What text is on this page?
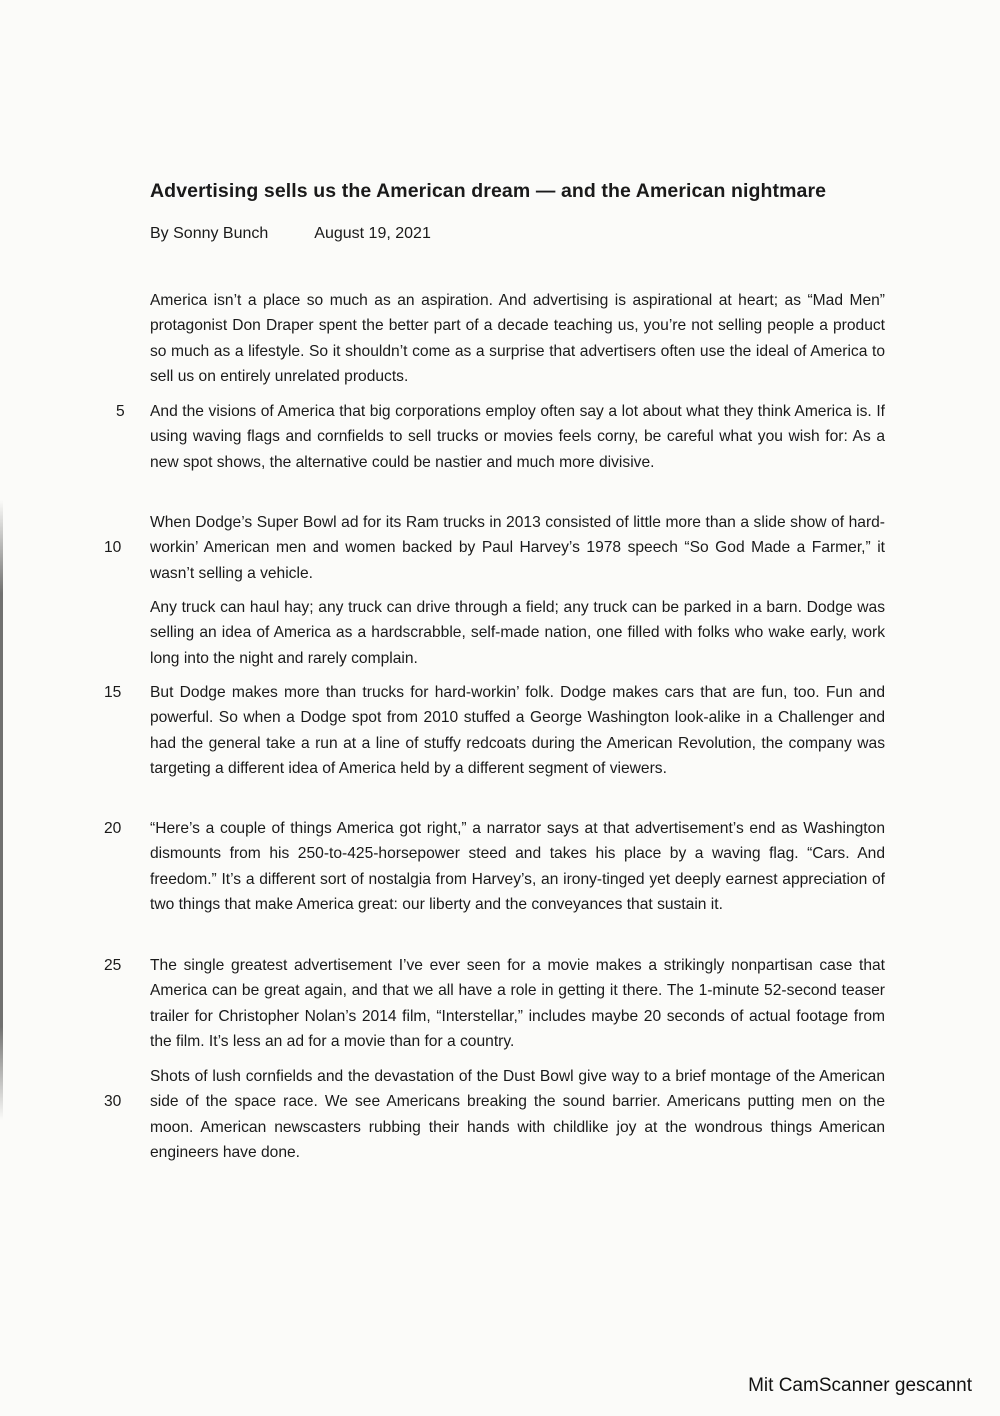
Advertising sells us the American dream — and the American nightmare
By Sonny Bunch	August 19, 2021

America isn’t a place so much as an aspiration. And advertising is aspirational at heart; as “Mad Men” protagonist Don Draper spent the better part of a decade teaching us, you’re not selling people a product so much as a lifestyle. So it shouldn’t come as a surprise that advertisers often use the ideal of America to sell us on entirely unrelated products.

And the visions of America that big corporations employ often say a lot about what they think America is. If using waving flags and cornfields to sell trucks or movies feels corny, be careful what you wish for: As a new spot shows, the alternative could be nastier and much more divisive.

When Dodge’s Super Bowl ad for its Ram trucks in 2013 consisted of little more than a slide show of hard-workin’ American men and women backed by Paul Harvey’s 1978 speech “So God Made a Farmer,” it wasn’t selling a vehicle.

Any truck can haul hay; any truck can drive through a field; any truck can be parked in a barn. Dodge was selling an idea of America as a hardscrabble, self-made nation, one filled with folks who wake early, work long into the night and rarely complain.

But Dodge makes more than trucks for hard-workin’ folk. Dodge makes cars that are fun, too. Fun and powerful. So when a Dodge spot from 2010 stuffed a George Washington look-alike in a Challenger and had the general take a run at a line of stuffy redcoats during the American Revolution, the company was targeting a different idea of America held by a different segment of viewers.

“Here’s a couple of things America got right,” a narrator says at that advertisement’s end as Washington dismounts from his 250-to-425-horsepower steed and takes his place by a waving flag. “Cars. And freedom.” It’s a different sort of nostalgia from Harvey’s, an irony-tinged yet deeply earnest appreciation of two things that make America great: our liberty and the conveyances that sustain it.

The single greatest advertisement I’ve ever seen for a movie makes a strikingly nonpartisan case that America can be great again, and that we all have a role in getting it there. The 1-minute 52-second teaser trailer for Christopher Nolan’s 2014 film, “Interstellar,” includes maybe 20 seconds of actual footage from the film. It’s less an ad for a movie than for a country.

Shots of lush cornfields and the devastation of the Dust Bowl give way to a brief montage of the American side of the space race. We see Americans breaking the sound barrier. Americans putting men on the moon. American newscasters rubbing their hands with childlike joy at the wondrous things American engineers have done.

5
10
15
20
25
30
Mit CamScanner gescannt
